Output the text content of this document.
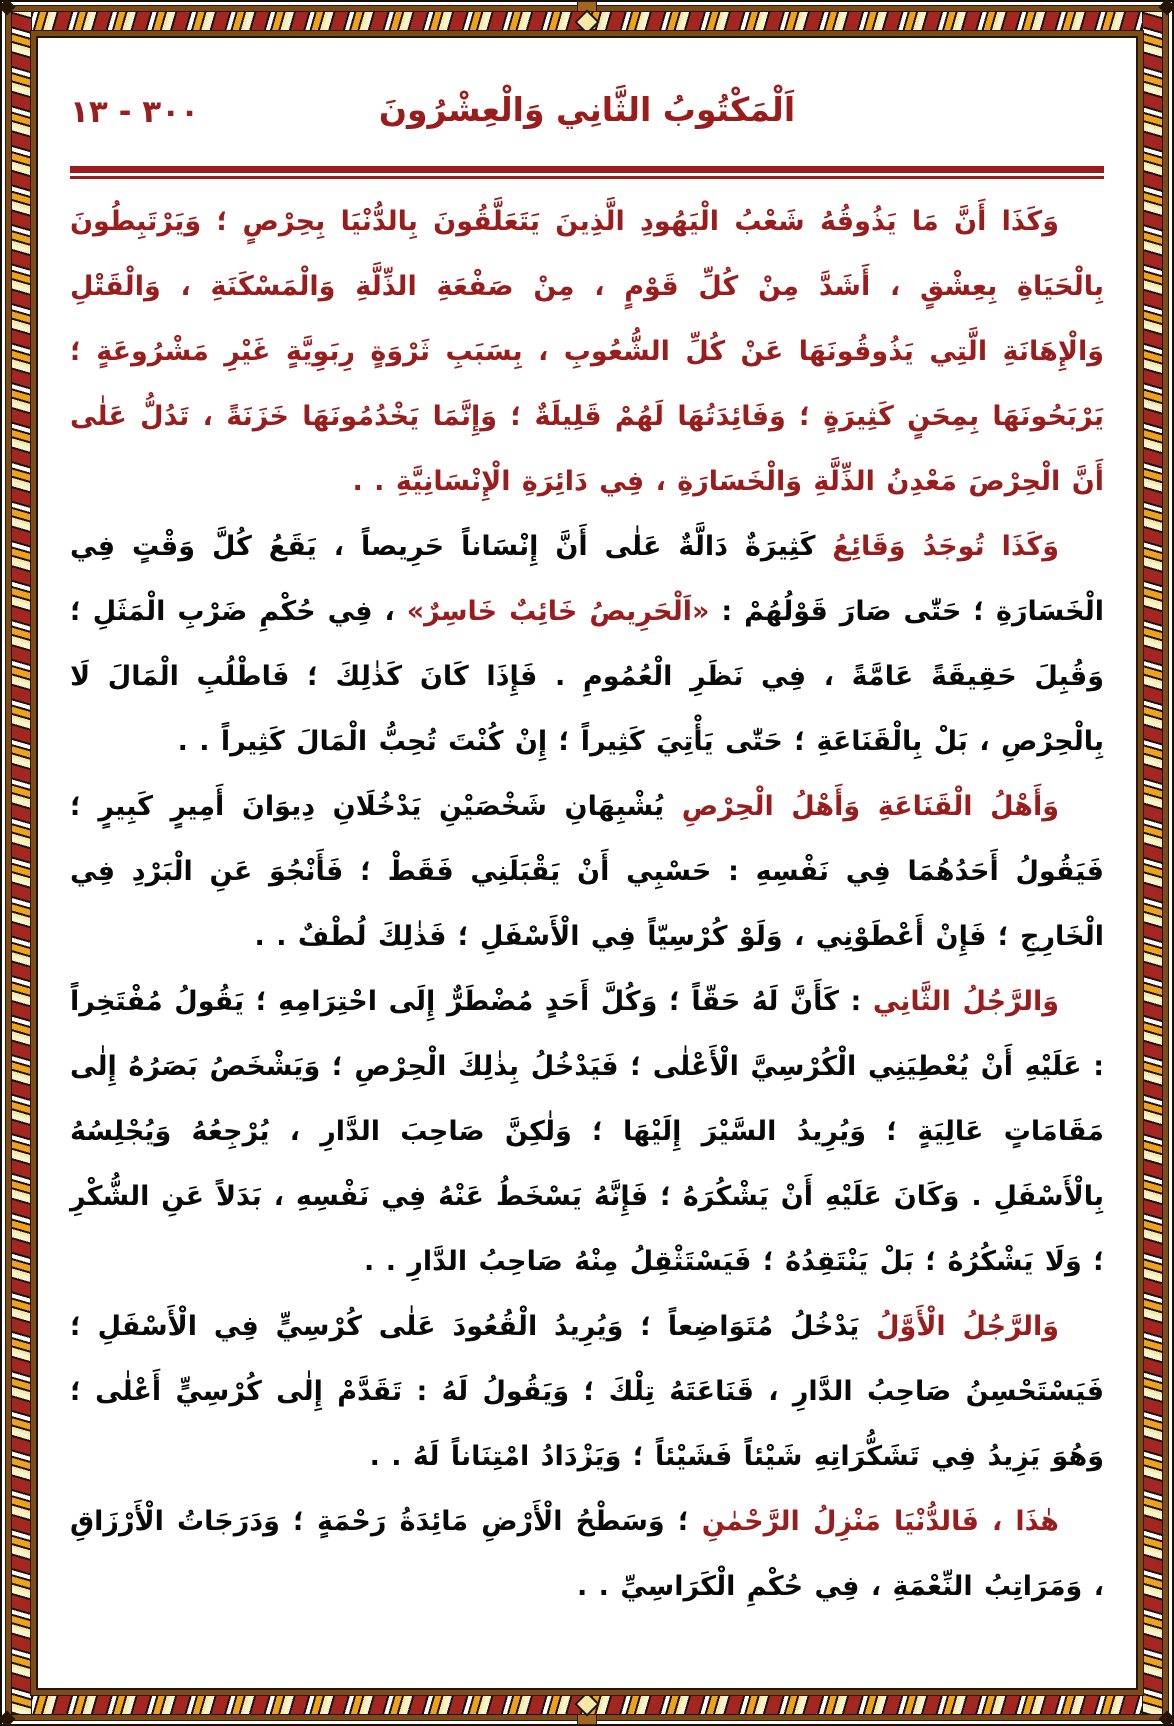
٣٠٠ - ١٣	اَلْمَكْتُوبُ الثَّانِي وَالْعِشْرُونَ

وَكَذَا أَنَّ مَا يَذُوقُهُ شَعْبُ الْيَهُودِ الَّذِينَ يَتَعَلَّقُونَ بِالدُّنْيَا بِحِرْصٍ ؛ وَيَرْتَبِطُونَ بِالْحَيَاةِ بِعِشْقٍ ، أَشَدَّ مِنْ كُلِّ قَوْمٍ ، مِنْ صَفْعَةِ الذِّلَّةِ وَالْمَسْكَنَةِ ، وَالْقَتْلِ وَالْإِهَانَةِ الَّتِي يَذُوقُونَهَا عَنْ كُلِّ الشُّعُوبِ ، بِسَبَبِ ثَرْوَةٍ رِبَوِيَّةٍ غَيْرِ مَشْرُوعَةٍ ؛ يَرْبَحُونَهَا بِمِحَنٍ كَثِيرَةٍ ؛ وَفَائِدَتُهَا لَهُمْ قَلِيلَةٌ ؛ وَإِنَّمَا يَخْدُمُونَهَا خَزَنَةً ، تَدُلُّ عَلٰى أَنَّ الْحِرْصَ مَعْدِنُ الذِّلَّةِ وَالْخَسَارَةِ ، فِي دَائِرَةِ الْإِنْسَانِيَّةِ . .

وَكَذَا تُوجَدُ وَقَائِعُ كَثِيرَةٌ دَالَّةٌ عَلٰى أَنَّ إِنْسَاناً حَرِيصاً ، يَقَعُ كُلَّ وَقْتٍ فِي الْخَسَارَةِ ؛ حَتّٰى صَارَ قَوْلُهُمْ : «اَلْحَرِيصُ خَائِبٌ خَاسِرٌ» ، فِي حُكْمِ ضَرْبِ الْمَثَلِ ؛ وَقُبِلَ حَقِيقَةً عَامَّةً ، فِي نَظَرِ الْعُمُومِ . فَإِذَا كَانَ كَذٰلِكَ ؛ فَاطْلُبِ الْمَالَ لَا بِالْحِرْصِ ، بَلْ بِالْقَنَاعَةِ ؛ حَتّٰى يَأْتِيَ كَثِيراً ؛ إِنْ كُنْتَ تُحِبُّ الْمَالَ كَثِيراً . .

وَأَهْلُ الْقَنَاعَةِ وَأَهْلُ الْحِرْصِ يُشْبِهَانِ شَخْصَيْنِ يَدْخُلَانِ دِيوَانَ أَمِيرٍ كَبِيرٍ ؛ فَيَقُولُ أَحَدُهُمَا فِي نَفْسِهِ : حَسْبِي أَنْ يَقْبَلَنِي فَقَطْ ؛ فَأَنْجُوَ عَنِ الْبَرْدِ فِي الْخَارِجِ ؛ فَإِنْ أَعْطَوْنِي ، وَلَوْ كُرْسِيّاً فِي الْأَسْفَلِ ؛ فَذٰلِكَ لُطْفٌ . .

وَالرَّجُلُ الثَّانِي : كَأَنَّ لَهُ حَقّاً ؛ وَكُلَّ أَحَدٍ مُضْطَرٌّ إِلَى احْتِرَامِهِ ؛ يَقُولُ مُفْتَخِراً : عَلَيْهِ أَنْ يُعْطِيَنِي الْكُرْسِيَّ الْأَعْلٰى ؛ فَيَدْخُلُ بِذٰلِكَ الْحِرْصِ ؛ وَيَشْخَصُ بَصَرُهُ إِلٰى مَقَامَاتٍ عَالِيَةٍ ؛ وَيُرِيدُ السَّيْرَ إِلَيْهَا ؛ وَلٰكِنَّ صَاحِبَ الدَّارِ ، يُرْجِعُهُ وَيُجْلِسُهُ بِالْأَسْفَلِ . وَكَانَ عَلَيْهِ أَنْ يَشْكُرَهُ ؛ فَإِنَّهُ يَسْخَطُ عَنْهُ فِي نَفْسِهِ ، بَدَلاً عَنِ الشُّكْرِ ؛ وَلَا يَشْكُرُهُ ؛ بَلْ يَنْتَقِدُهُ ؛ فَيَسْتَثْقِلُ مِنْهُ صَاحِبُ الدَّارِ . .

وَالرَّجُلُ الْأَوَّلُ يَدْخُلُ مُتَوَاضِعاً ؛ وَيُرِيدُ الْقُعُودَ عَلٰى كُرْسِيٍّ فِي الْأَسْفَلِ ؛ فَيَسْتَحْسِنُ صَاحِبُ الدَّارِ ، قَنَاعَتَهُ تِلْكَ ؛ وَيَقُولُ لَهُ : تَقَدَّمْ إِلٰى كُرْسِيٍّ أَعْلٰى ؛ وَهُوَ يَزِيدُ فِي تَشَكُّرَاتِهِ شَيْئاً فَشَيْئاً ؛ وَيَزْدَادُ امْتِنَاناً لَهُ . .

هٰذَا ، فَالدُّنْيَا مَنْزِلُ الرَّحْمٰنِ ؛ وَسَطْحُ الْأَرْضِ مَائِدَةُ رَحْمَةٍ ؛ وَدَرَجَاتُ الْأَرْزَاقِ ، وَمَرَاتِبُ النِّعْمَةِ ، فِي حُكْمِ الْكَرَاسِيِّ . .
